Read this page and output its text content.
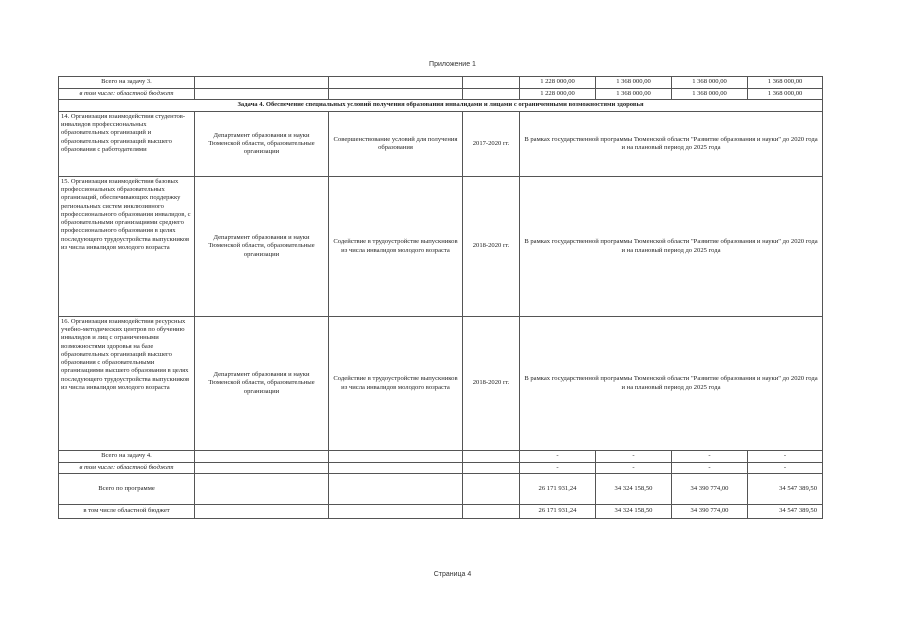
Приложение 1
Всего на задачу 3.				1 228 000,00	1 368 000,00	1 368 000,00	1 368 000,00
в том числе: областной бюджет				1 228 000,00	1 368 000,00	1 368 000,00	1 368 000,00
Задача 4. Обеспечение специальных условий получения образования инвалидами и лицами с ограниченными возможностями здоровья							
14. Организация взаимодействия студентов-инвалидов профессиональных образовательных организаций и образовательных организаций высшего образования с работодателями	Департамент образования и науки Тюменской области, образовательные организации	Совершенствование условий для получения образования	2017-2020 гг.	В рамках государственной программы Тюменской области "Развитие образования и науки" до 2020 года и на плановый период до 2025 года			
15. Организация взаимодействия базовых профессиональных образовательных организаций, обеспечивающих поддержку региональных систем инклюзивного профессионального образования инвалидов, с образовательными организациями среднего профессионального образования в целях последующего трудоустройства выпускников из числа инвалидов молодого возраста	Департамент образования и науки Тюменской области, образовательные организации	Содействие в трудоустройстве выпускников из числа инвалидов молодого возраста	2018-2020 гг.	В рамках государственной программы Тюменской области "Развитие образования и науки" до 2020 года и на плановый период до 2025 года			
16. Организация взаимодействия ресурсных учебно-методических центров по обучению инвалидов и лиц с ограниченными возможностями здоровья на базе образовательных организаций высшего образования с образовательными организациями высшего образования в целях последующего трудоустройства выпускников из числа инвалидов молодого возраста	Департамент образования и науки Тюменской области, образовательные организации	Содействие в трудоустройстве выпускников из числа инвалидов молодого возраста	2018-2020 гг.	В рамках государственной программы Тюменской области "Развитие образования и науки" до 2020 года и на плановый период до 2025 года			
Всего на задачу 4.				-	-	-	-
в том числе: областной бюджет				-	-	-	-
Всего по программе				26 171 931,24	34 324 158,50	34 390 774,00	34 547 389,50
в том числе областной бюджет				26 171 931,24	34 324 158,50	34 390 774,00	34 547 389,50
Страница 4
